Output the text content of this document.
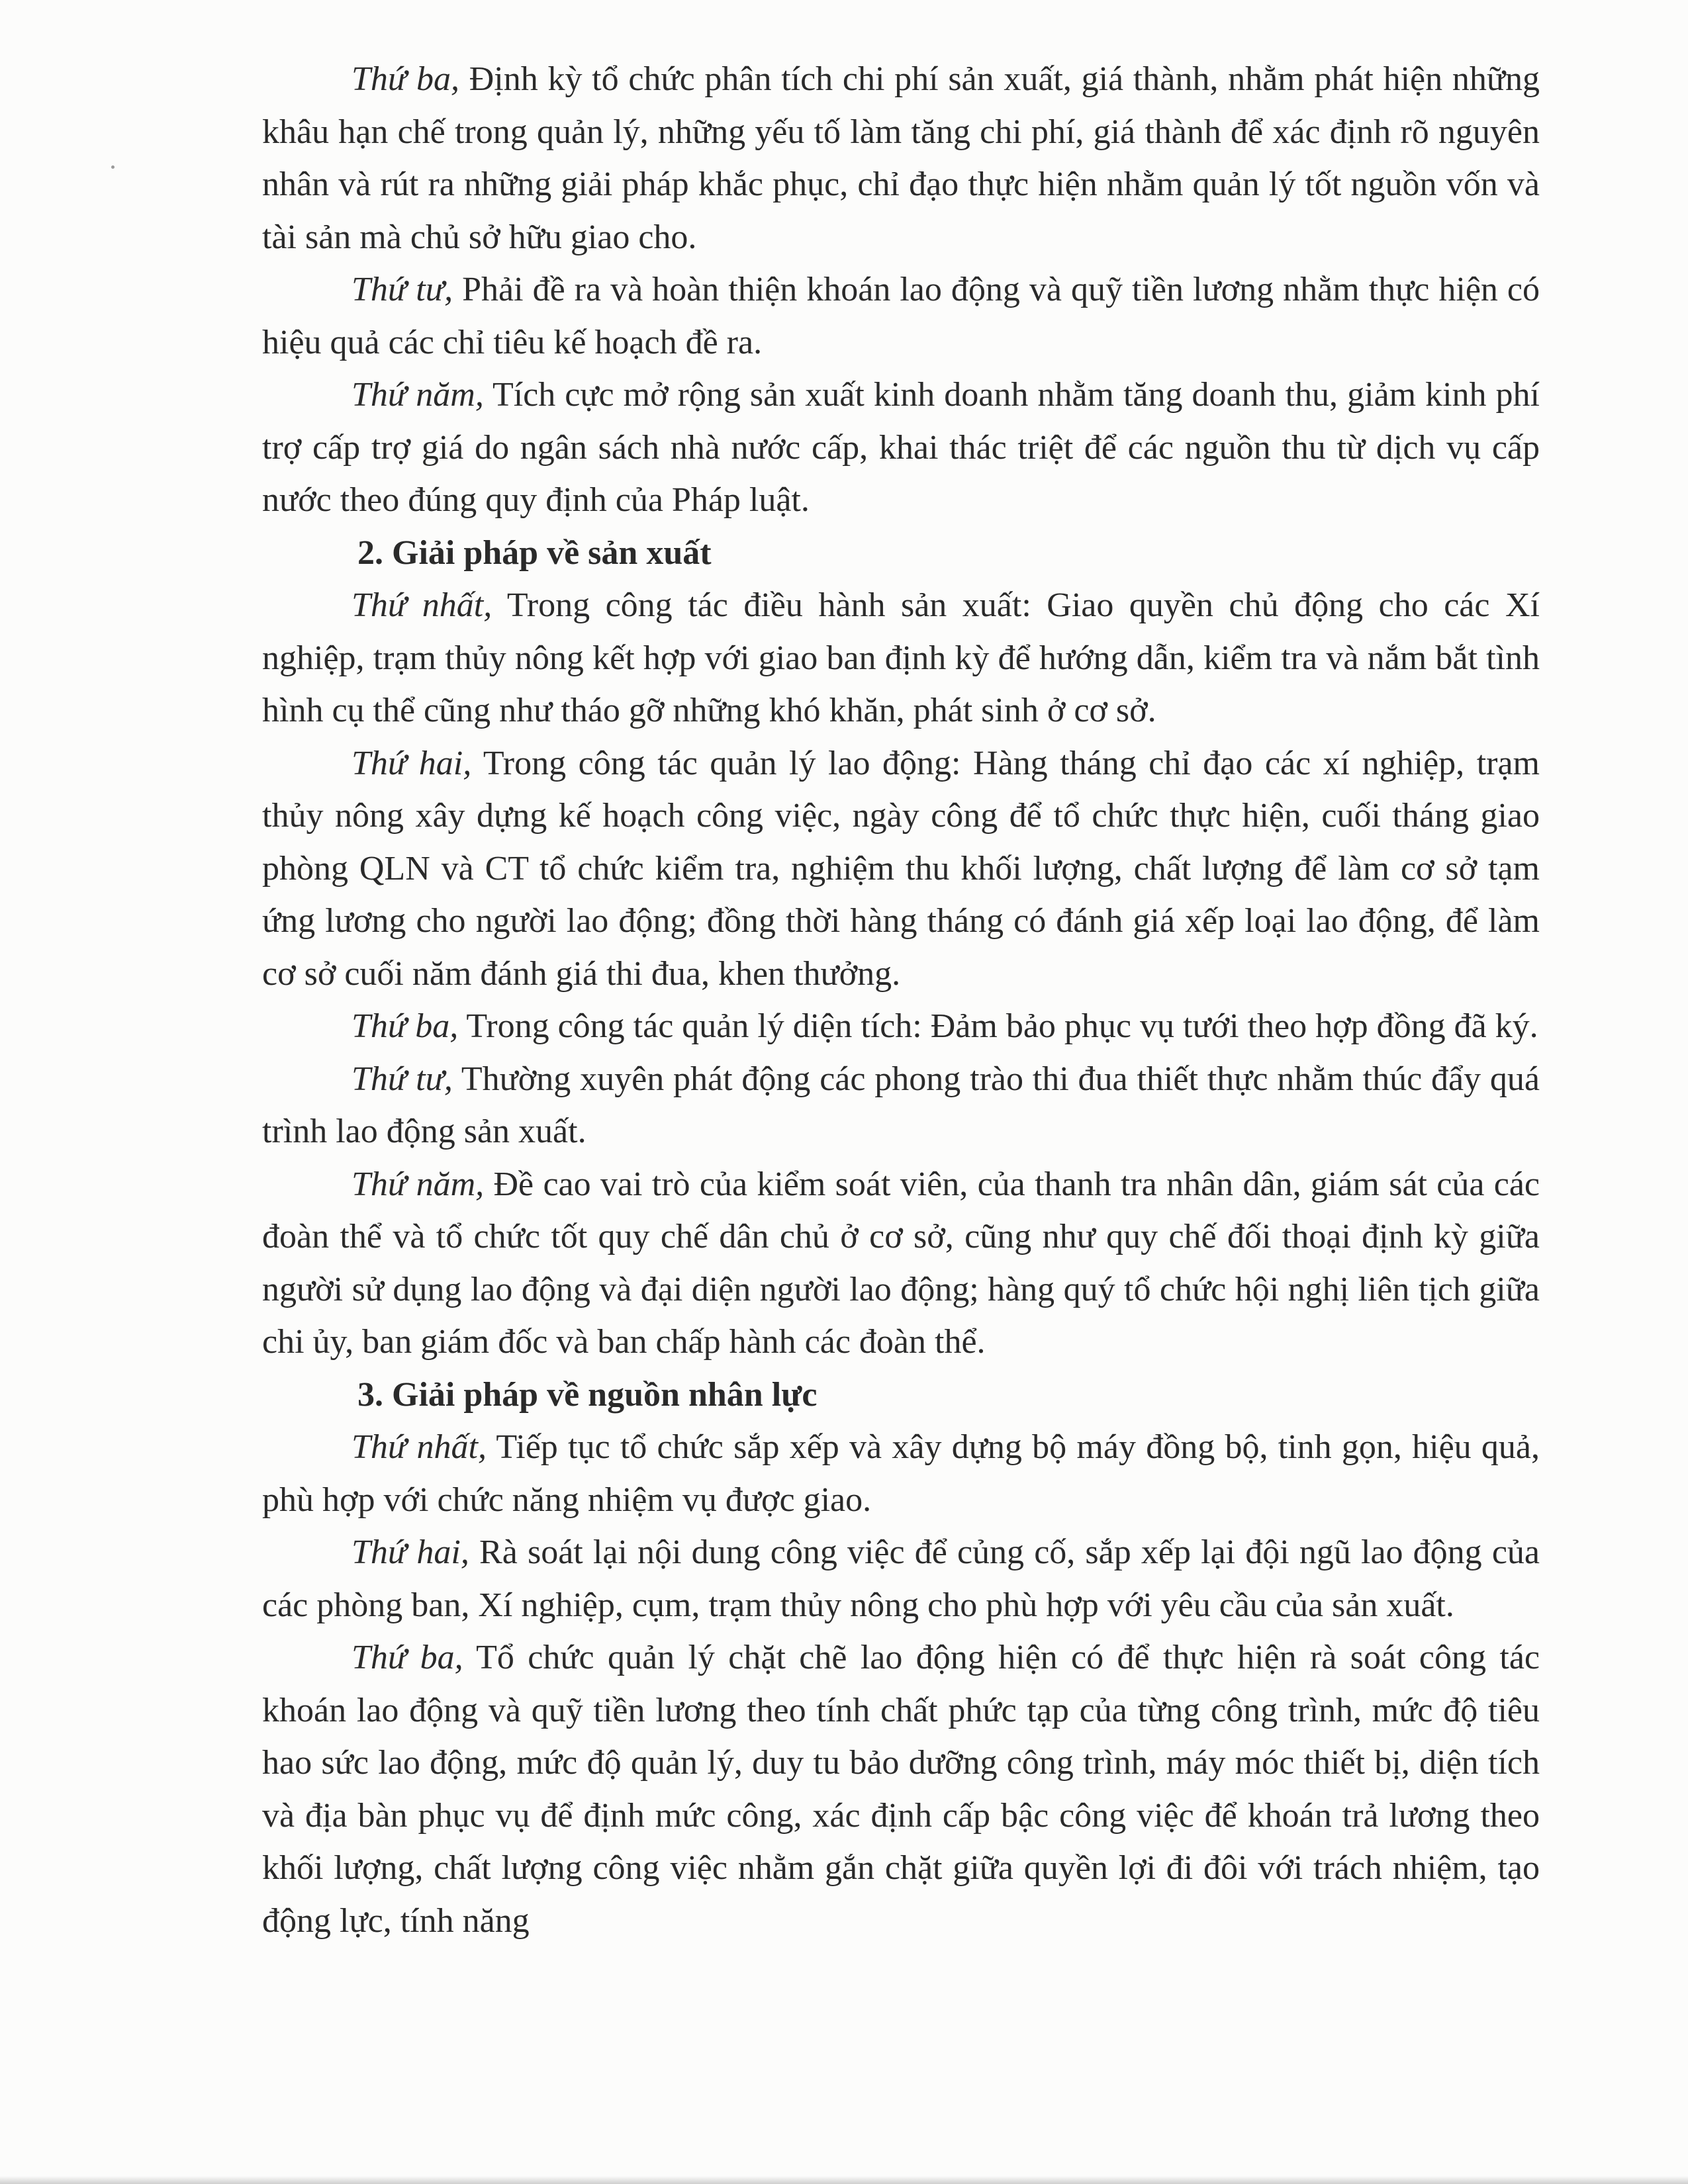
Thứ ba, Định kỳ tổ chức phân tích chi phí sản xuất, giá thành, nhằm phát hiện những khâu hạn chế trong quản lý, những yếu tố làm tăng chi phí, giá thành để xác định rõ nguyên nhân và rút ra những giải pháp khắc phục, chỉ đạo thực hiện nhằm quản lý tốt nguồn vốn và tài sản mà chủ sở hữu giao cho.

Thứ tư, Phải đề ra và hoàn thiện khoán lao động và quỹ tiền lương nhằm thực hiện có hiệu quả các chỉ tiêu kế hoạch đề ra.

Thứ năm, Tích cực mở rộng sản xuất kinh doanh nhằm tăng doanh thu, giảm kinh phí trợ cấp trợ giá do ngân sách nhà nước cấp, khai thác triệt để các nguồn thu từ dịch vụ cấp nước theo đúng quy định của Pháp luật.

2. Giải pháp về sản xuất

Thứ nhất, Trong công tác điều hành sản xuất: Giao quyền chủ động cho các Xí nghiệp, trạm thủy nông kết hợp với giao ban định kỳ để hướng dẫn, kiểm tra và nắm bắt tình hình cụ thể cũng như tháo gỡ những khó khăn, phát sinh ở cơ sở.

Thứ hai, Trong công tác quản lý lao động: Hàng tháng chỉ đạo các xí nghiệp, trạm thủy nông xây dựng kế hoạch công việc, ngày công để tổ chức thực hiện, cuối tháng giao phòng QLN và CT tổ chức kiểm tra, nghiệm thu khối lượng, chất lượng để làm cơ sở tạm ứng lương cho người lao động; đồng thời hàng tháng có đánh giá xếp loại lao động, để làm cơ sở cuối năm đánh giá thi đua, khen thưởng.

Thứ ba, Trong công tác quản lý diện tích: Đảm bảo phục vụ tưới theo hợp đồng đã ký.

Thứ tư, Thường xuyên phát động các phong trào thi đua thiết thực nhằm thúc đẩy quá trình lao động sản xuất.

Thứ năm, Đề cao vai trò của kiểm soát viên, của thanh tra nhân dân, giám sát của các đoàn thể và tổ chức tốt quy chế dân chủ ở cơ sở, cũng như quy chế đối thoại định kỳ giữa người sử dụng lao động và đại diện người lao động; hàng quý tổ chức hội nghị liên tịch giữa chi ủy, ban giám đốc và ban chấp hành các đoàn thể.

3. Giải pháp về nguồn nhân lực

Thứ nhất, Tiếp tục tổ chức sắp xếp và xây dựng bộ máy đồng bộ, tinh gọn, hiệu quả, phù hợp với chức năng nhiệm vụ được giao.

Thứ hai, Rà soát lại nội dung công việc để củng cố, sắp xếp lại đội ngũ lao động của các phòng ban, Xí nghiệp, cụm, trạm thủy nông cho phù hợp với yêu cầu của sản xuất.

Thứ ba, Tổ chức quản lý chặt chẽ lao động hiện có để thực hiện rà soát công tác khoán lao động và quỹ tiền lương theo tính chất phức tạp của từng công trình, mức độ tiêu hao sức lao động, mức độ quản lý, duy tu bảo dưỡng công trình, máy móc thiết bị, diện tích và địa bàn phục vụ để định mức công, xác định cấp bậc công việc để khoán trả lương theo khối lượng, chất lượng công việc nhằm gắn chặt giữa quyền lợi đi đôi với trách nhiệm, tạo động lực, tính năng
